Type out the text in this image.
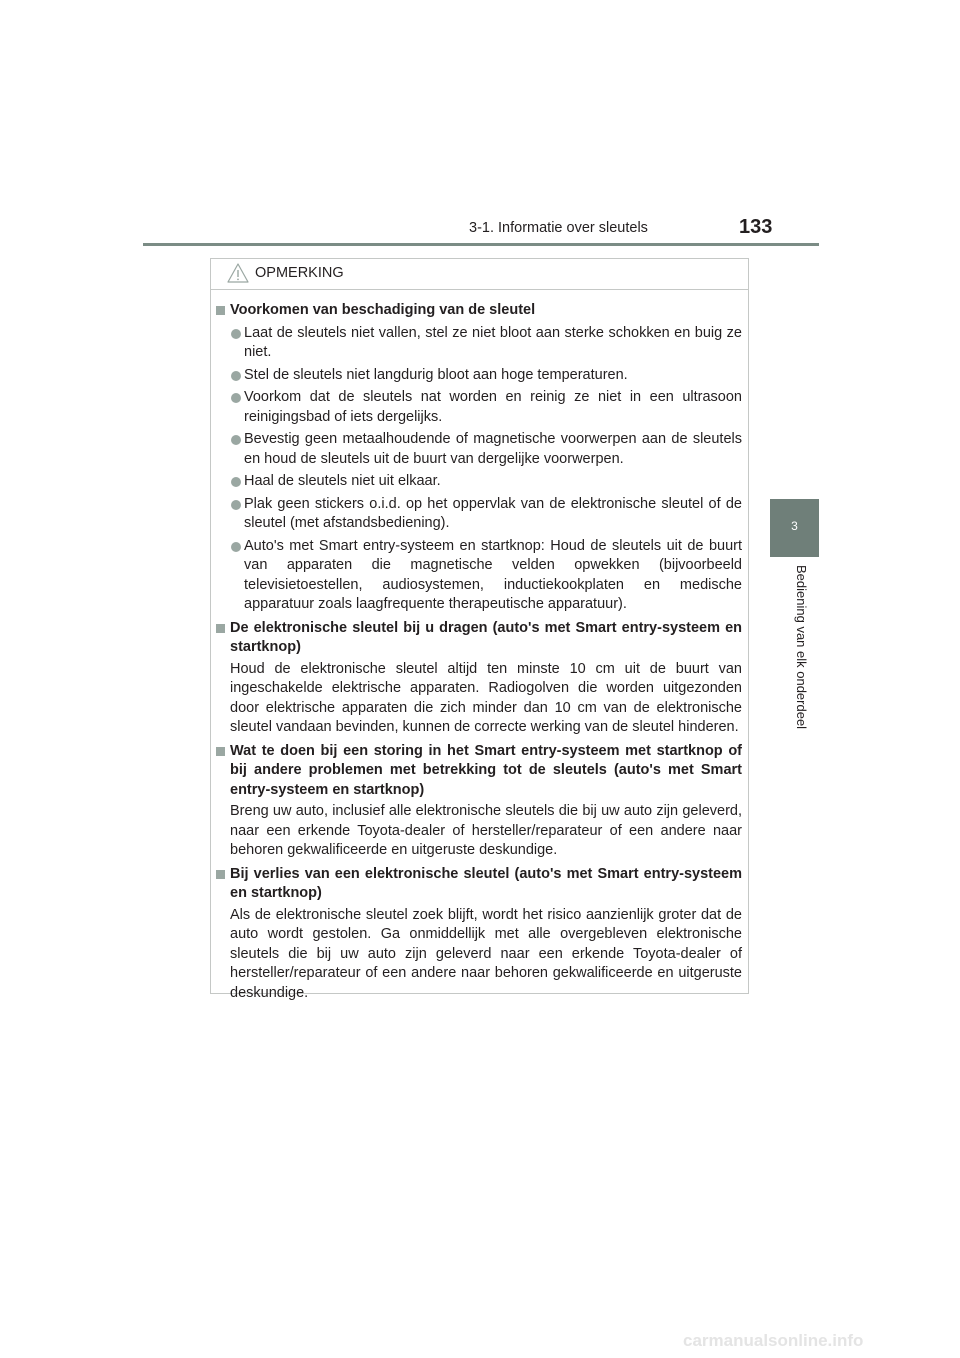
3-1. Informatie over sleutels	133
3
Bediening van elk onderdeel
OPMERKING
Voorkomen van beschadiging van de sleutel
Laat de sleutels niet vallen, stel ze niet bloot aan sterke schokken en buig ze niet.
Stel de sleutels niet langdurig bloot aan hoge temperaturen.
Voorkom dat de sleutels nat worden en reinig ze niet in een ultrasoon reinigingsbad of iets dergelijks.
Bevestig geen metaalhoudende of magnetische voorwerpen aan de sleutels en houd de sleutels uit de buurt van dergelijke voorwerpen.
Haal de sleutels niet uit elkaar.
Plak geen stickers o.i.d. op het oppervlak van de elektronische sleutel of de sleutel (met afstandsbediening).
Auto's met Smart entry-systeem en startknop: Houd de sleutels uit de buurt van apparaten die magnetische velden opwekken (bijvoorbeeld televisietoestellen, audiosystemen, inductiekookplaten en medische apparatuur zoals laagfrequente therapeutische apparatuur).
De elektronische sleutel bij u dragen (auto's met Smart entry-systeem en startknop)
Houd de elektronische sleutel altijd ten minste 10 cm uit de buurt van ingeschakelde elektrische apparaten. Radiogolven die worden uitgezonden door elektrische apparaten die zich minder dan 10 cm van de elektronische sleutel vandaan bevinden, kunnen de correcte werking van de sleutel hinderen.
Wat te doen bij een storing in het Smart entry-systeem met startknop of bij andere problemen met betrekking tot de sleutels (auto's met Smart entry-systeem en startknop)
Breng uw auto, inclusief alle elektronische sleutels die bij uw auto zijn geleverd, naar een erkende Toyota-dealer of hersteller/reparateur of een andere naar behoren gekwalificeerde en uitgeruste deskundige.
Bij verlies van een elektronische sleutel (auto's met Smart entry-systeem en startknop)
Als de elektronische sleutel zoek blijft, wordt het risico aanzienlijk groter dat de auto wordt gestolen. Ga onmiddellijk met alle overgebleven elektronische sleutels die bij uw auto zijn geleverd naar een erkende Toyota-dealer of hersteller/reparateur of een andere naar behoren gekwalificeerde en uitgeruste deskundige.
carmanualsonline.info
